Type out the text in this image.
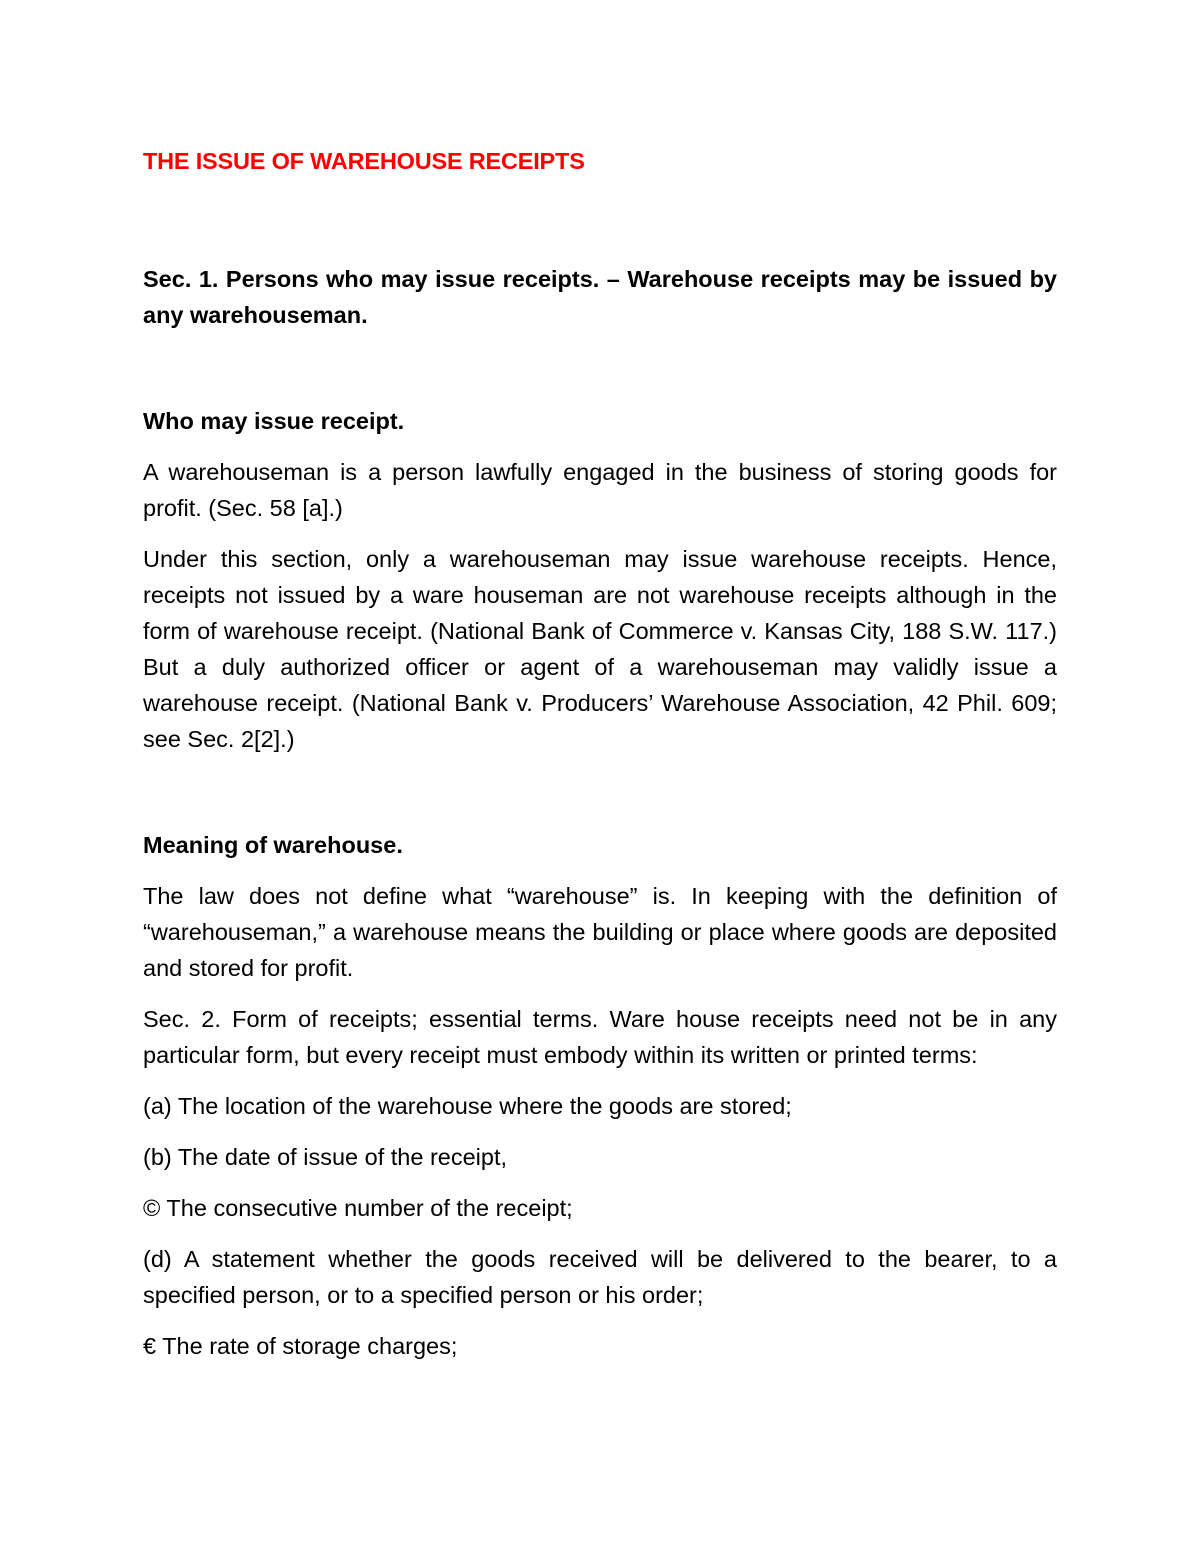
THE ISSUE OF WAREHOUSE RECEIPTS

Sec. 1. Persons who may issue receipts. – Warehouse receipts may be issued by any warehouseman.

Who may issue receipt.

A warehouseman is a person lawfully engaged in the business of storing goods for profit. (Sec. 58 [a].)

Under this section, only a warehouseman may issue warehouse receipts. Hence, receipts not issued by a ware houseman are not warehouse receipts although in the form of warehouse receipt. (National Bank of Commerce v. Kansas City, 188 S.W. 117.) But a duly authorized officer or agent of a warehouseman may validly issue a warehouse receipt. (National Bank v. Producers’ Warehouse Association, 42 Phil. 609; see Sec. 2[2].)

Meaning of warehouse.

The law does not define what “warehouse” is. In keeping with the definition of “warehouseman,” a warehouse means the building or place where goods are deposited and stored for profit.

Sec. 2. Form of receipts; essential terms. Ware house receipts need not be in any particular form, but every receipt must embody within its written or printed terms:

(a) The location of the warehouse where the goods are stored;

(b) The date of issue of the receipt,

© The consecutive number of the receipt;

(d) A statement whether the goods received will be delivered to the bearer, to a specified person, or to a specified person or his order;

€ The rate of storage charges;
